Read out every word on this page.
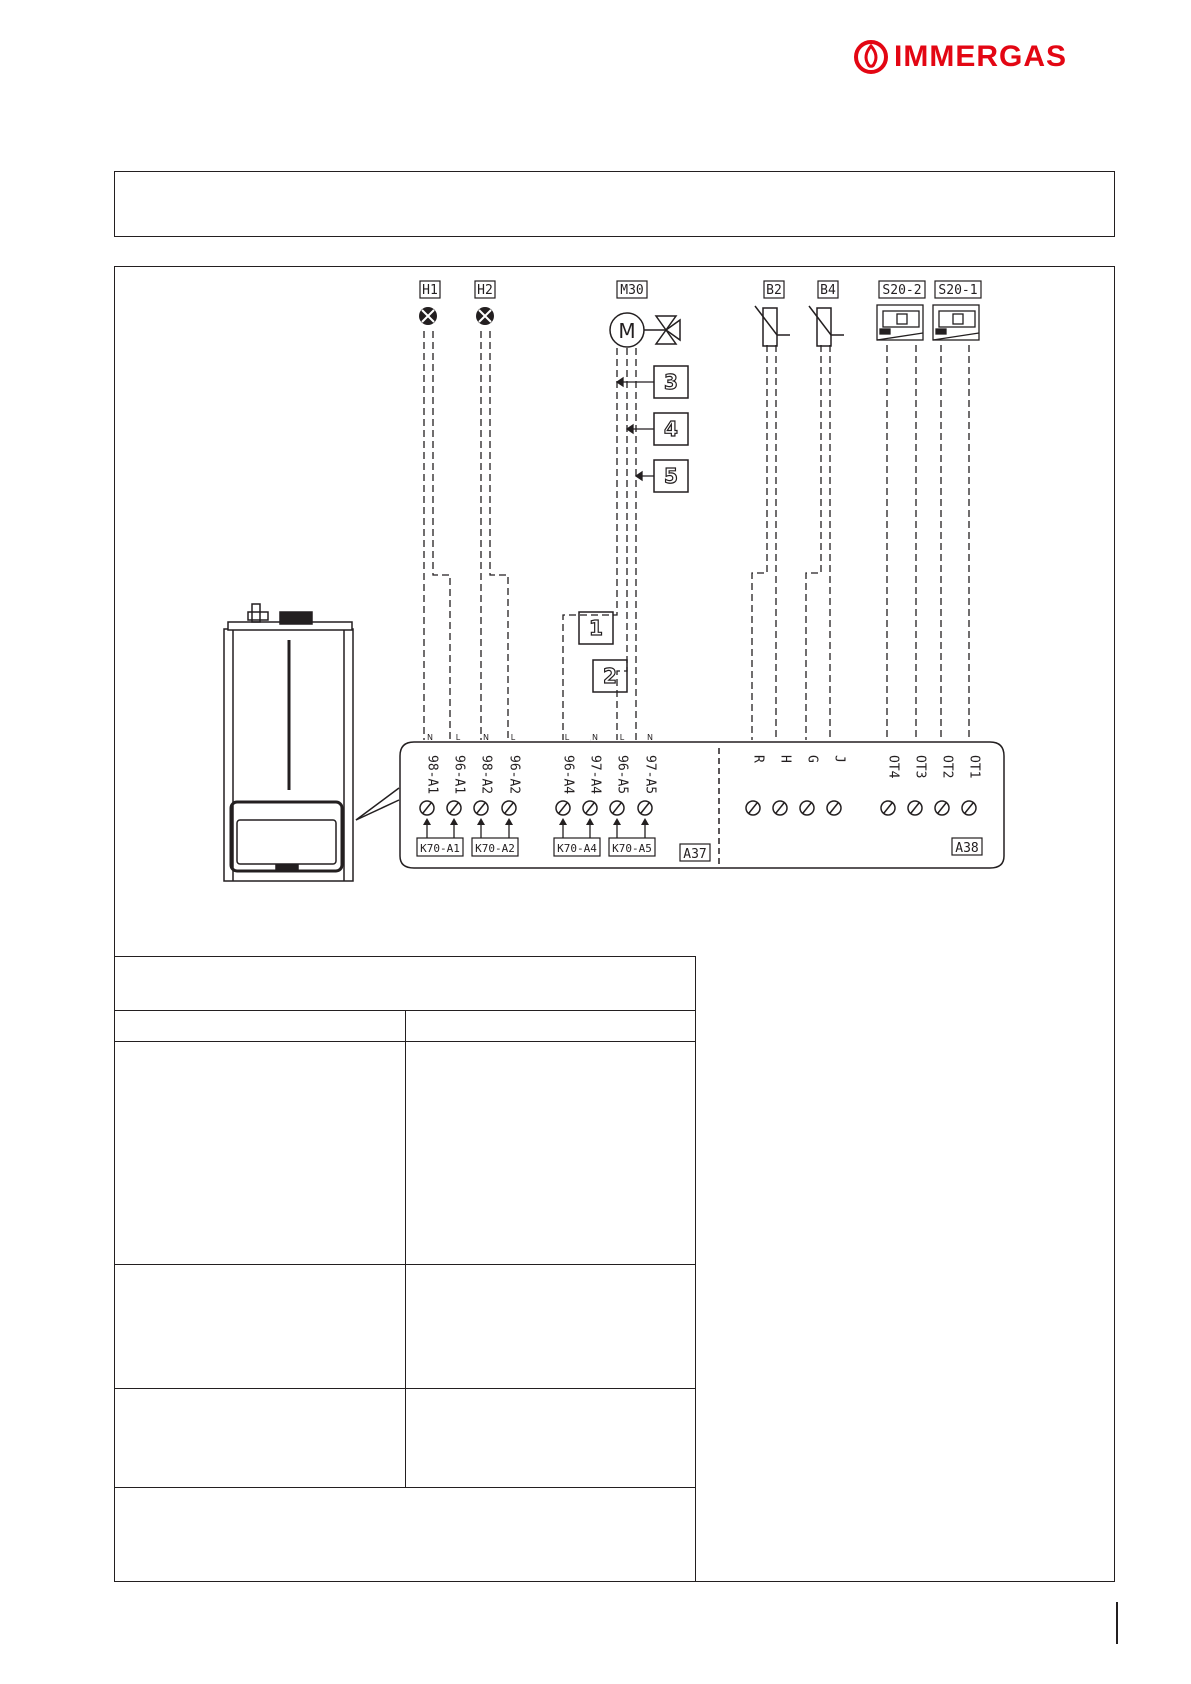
IMMERGAS
H1	H2	M30	B2	B4	S20-2 S20-1
M
3
4
5
1
2
N	L	N	L	L	N	L	N
98-A1 96-A1 98-A2 96-A2	96-A4 97-A4 96-A5 97-A5	R H G J	OT4 OT3 OT2 OT1
K70-A1 K70-A2	K70-A4 K70-A5 A37	A38
